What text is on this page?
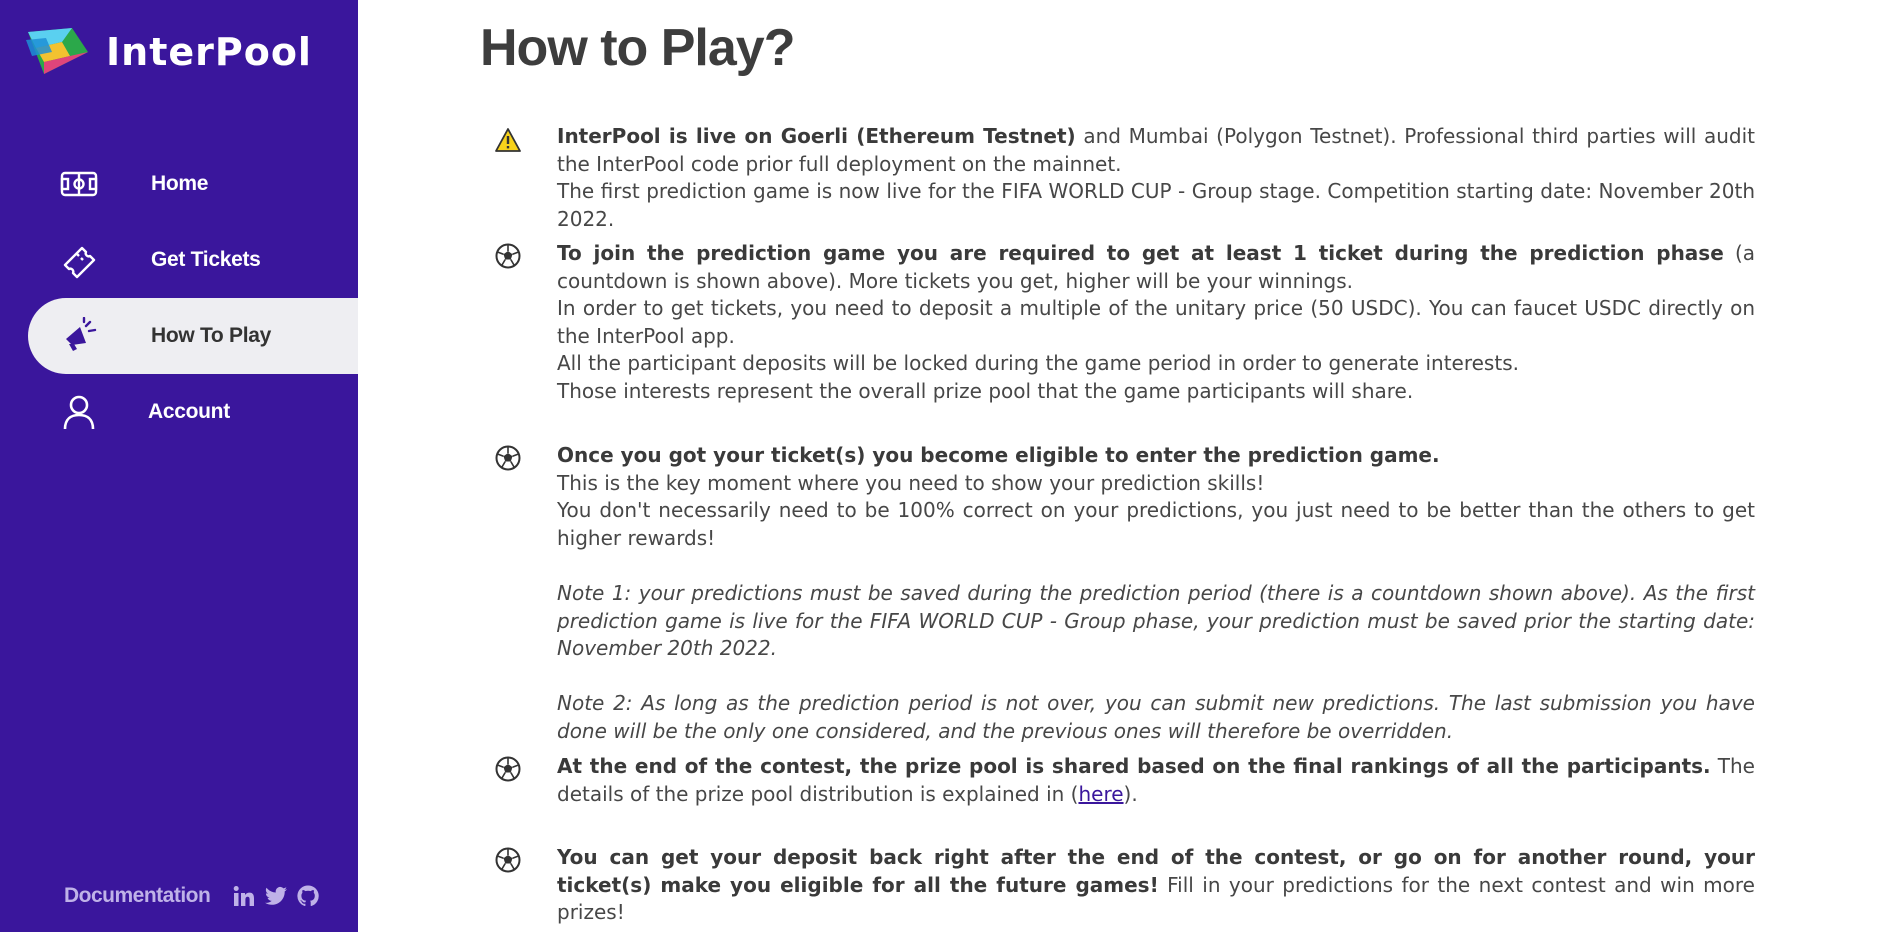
InterPool
Home
Get Tickets
How To Play
Account
Documentation
How to Play?

InterPool is live on Goerli (Ethereum Testnet) and Mumbai (Polygon Testnet). Professional third parties will audit the InterPool code prior full deployment on the mainnet.

The first prediction game is now live for the FIFA WORLD CUP - Group stage. Competition starting date: November 20th 2022.

To join the prediction game you are required to get at least 1 ticket during the prediction phase (a countdown is shown above). More tickets you get, higher will be your winnings.

In order to get tickets, you need to deposit a multiple of the unitary price (50 USDC). You can faucet USDC directly on the InterPool app.

All the participant deposits will be locked during the game period in order to generate interests.

Those interests represent the overall prize pool that the game participants will share.

Once you got your ticket(s) you become eligible to enter the prediction game.

This is the key moment where you need to show your prediction skills!

You don't necessarily need to be 100% correct on your predictions, you just need to be better than the others to get higher rewards!

Note 1: your predictions must be saved during the prediction period (there is a countdown shown above). As the first prediction game is live for the FIFA WORLD CUP - Group phase, your prediction must be saved prior the starting date: November 20th 2022.

Note 2: As long as the prediction period is not over, you can submit new predictions. The last submission you have done will be the only one considered, and the previous ones will therefore be overridden.

At the end of the contest, the prize pool is shared based on the final rankings of all the participants. The details of the prize pool distribution is explained in (here).

You can get your deposit back right after the end of the contest, or go on for another round, your ticket(s) make you eligible for all the future games! Fill in your predictions for the next contest and win more prizes!
